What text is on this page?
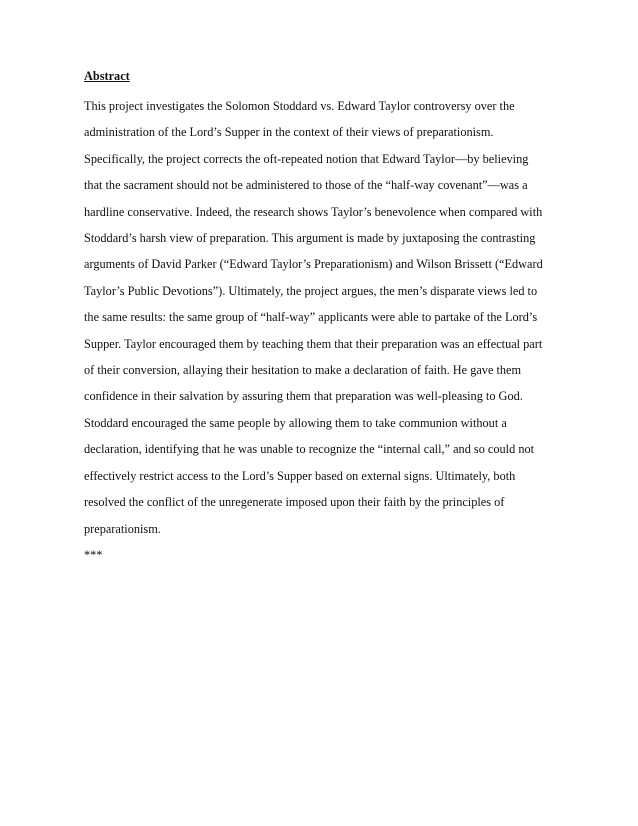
Abstract

This project investigates the Solomon Stoddard vs. Edward Taylor controversy over the

administration of the Lord’s Supper in the context of their views of preparationism.

Specifically, the project corrects the oft-repeated notion that Edward Taylor—by believing

that the sacrament should not be administered to those of the “half-way covenant”—was a

hardline conservative. Indeed, the research shows Taylor’s benevolence when compared with

Stoddard’s harsh view of preparation. This argument is made by juxtaposing the contrasting

arguments of David Parker (“Edward Taylor’s Preparationism) and Wilson Brissett (“Edward

Taylor’s Public Devotions”). Ultimately, the project argues, the men’s disparate views led to

the same results: the same group of “half-way” applicants were able to partake of the Lord’s

Supper. Taylor encouraged them by teaching them that their preparation was an effectual part

of their conversion, allaying their hesitation to make a declaration of faith. He gave them

confidence in their salvation by assuring them that preparation was well-pleasing to God.

Stoddard encouraged the same people by allowing them to take communion without a

declaration, identifying that he was unable to recognize the “internal call,” and so could not

effectively restrict access to the Lord’s Supper based on external signs. Ultimately, both

resolved the conflict of the unregenerate imposed upon their faith by the principles of

preparationism.

***
